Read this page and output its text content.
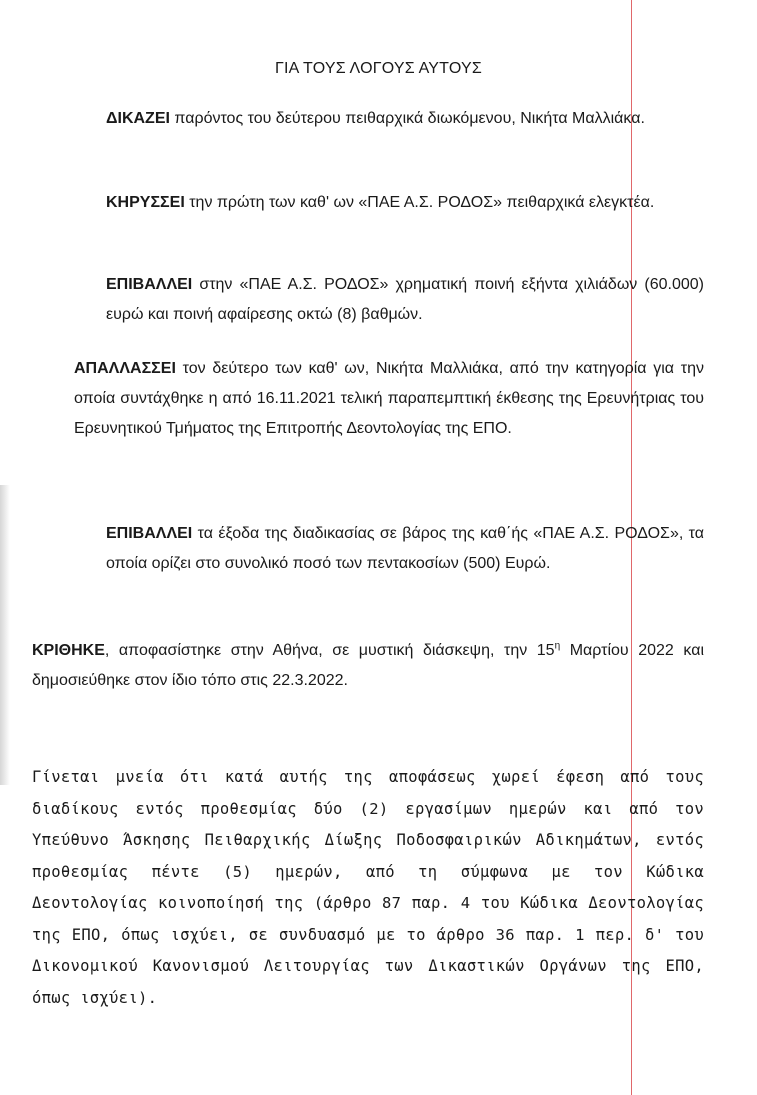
ΓΙΑ ΤΟΥΣ ΛΟΓΟΥΣ ΑΥΤΟΥΣ

ΔΙΚΑΖΕΙ παρόντος του δεύτερου πειθαρχικά διωκόμενου, Νικήτα Μαλλιάκα.

ΚΗΡΥΣΣΕΙ την πρώτη των καθ' ων «ΠΑΕ Α.Σ. ΡΟΔΟΣ» πειθαρχικά ελεγκτέα.

ΕΠΙΒΑΛΛΕΙ στην «ΠΑΕ Α.Σ. ΡΟΔΟΣ» χρηματική ποινή εξήντα χιλιάδων (60.000) ευρώ και ποινή αφαίρεσης οκτώ (8) βαθμών.

ΑΠΑΛΛΑΣΣΕΙ τον δεύτερο των καθ' ων, Νικήτα Μαλλιάκα, από την κατηγορία για την οποία συντάχθηκε η από 16.11.2021 τελική παραπεμπτική έκθεσης της Ερευνήτριας του Ερευνητικού Τμήματος της Επιτροπής Δεοντολογίας της ΕΠΟ.

ΕΠΙΒΑΛΛΕΙ τα έξοδα της διαδικασίας σε βάρος της καθ΄ής «ΠΑΕ Α.Σ. ΡΟΔΟΣ», τα οποία ορίζει στο συνολικό ποσό των πεντακοσίων (500) Ευρώ.

ΚΡΙΘΗΚΕ, αποφασίστηκε στην Αθήνα, σε μυστική διάσκεψη, την $15^\eta$ Μαρτίου 2022 και δημοσιεύθηκε στον ίδιο τόπο στις 22.3.2022.

Γίνεται μνεία ότι κατά αυτής της αποφάσεως χωρεί έφεση από τους διαδίκους εντός προθεσμίας δύο (2) εργασίμων ημερών και από τον Υπεύθυνο Άσκησης Πειθαρχικής Δίωξης Ποδοσφαιρικών Αδικημάτων, εντός προθεσμίας πέντε (5) ημερών, από τη σύμφωνα με τον Κώδικα Δεοντολογίας κοινοποίησή της (άρθρο 87 παρ. 4 του Κώδικα Δεοντολογίας της ΕΠΟ, όπως ισχύει, σε συνδυασμό με το άρθρο 36 παρ. 1 περ. δ' του Δικονομικού Κανονισμού Λειτουργίας των Δικαστικών Οργάνων της ΕΠΟ, όπως ισχύει).
